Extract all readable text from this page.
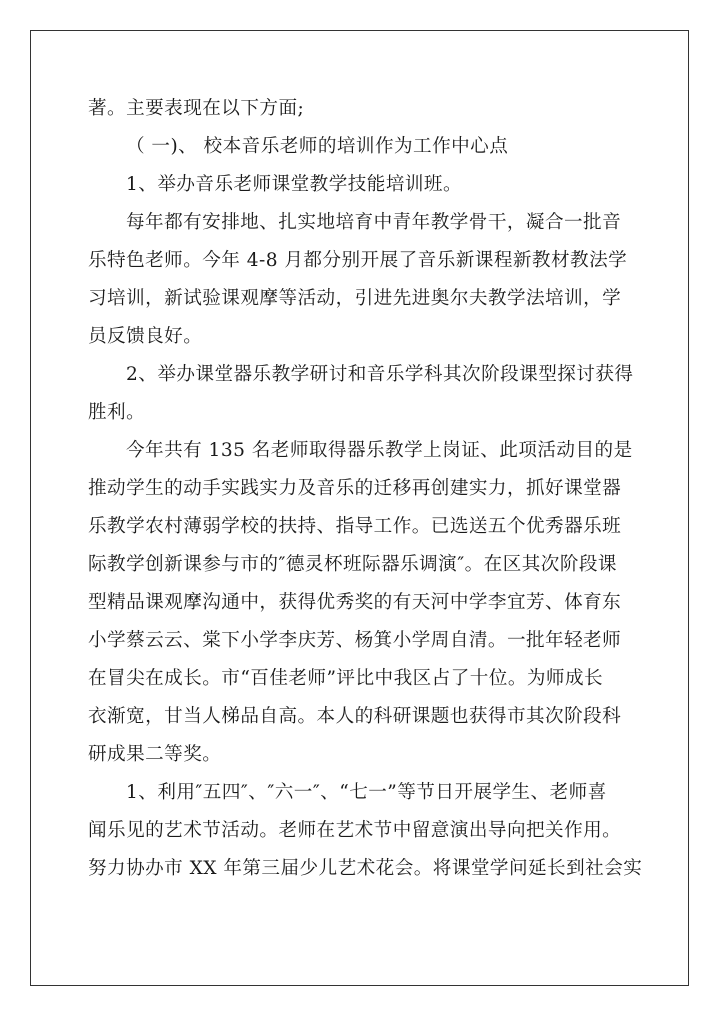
著。主要表现在以下方面;
（ 一)、 校本音乐老师的培训作为工作中心点
1、举办音乐老师课堂教学技能培训班。
每年都有安排地、扎实地培育中青年教学骨干，凝合一批音
乐特色老师。今年 4-8 月都分别开展了音乐新课程新教材教法学
习培训，新试验课观摩等活动，引进先进奥尔夫教学法培训，学
员反馈良好。
2、举办课堂器乐教学研讨和音乐学科其次阶段课型探讨获得
胜利。
今年共有 135 名老师取得器乐教学上岗证、此项活动目的是
推动学生的动手实践实力及音乐的迁移再创建实力，抓好课堂器
乐教学农村薄弱学校的扶持、指导工作。已选送五个优秀器乐班
际教学创新课参与市的″德灵杯班际器乐调演″。在区其次阶段课
型精品课观摩沟通中，获得优秀奖的有天河中学李宜芳、体育东
小学蔡云云、棠下小学李庆芳、杨箕小学周自清。一批年轻老师
在冒尖在成长。市“百佳老师”评比中我区占了十位。为师成长
衣渐宽，甘当人梯品自高。本人的科研课题也获得市其次阶段科
研成果二等奖。
1、利用″五四″、″六一″、“七一”等节日开展学生、老师喜
闻乐见的艺术节活动。老师在艺术节中留意演出导向把关作用。
努力协办市 XX 年第三届少儿艺术花会。将课堂学问延长到社会实
